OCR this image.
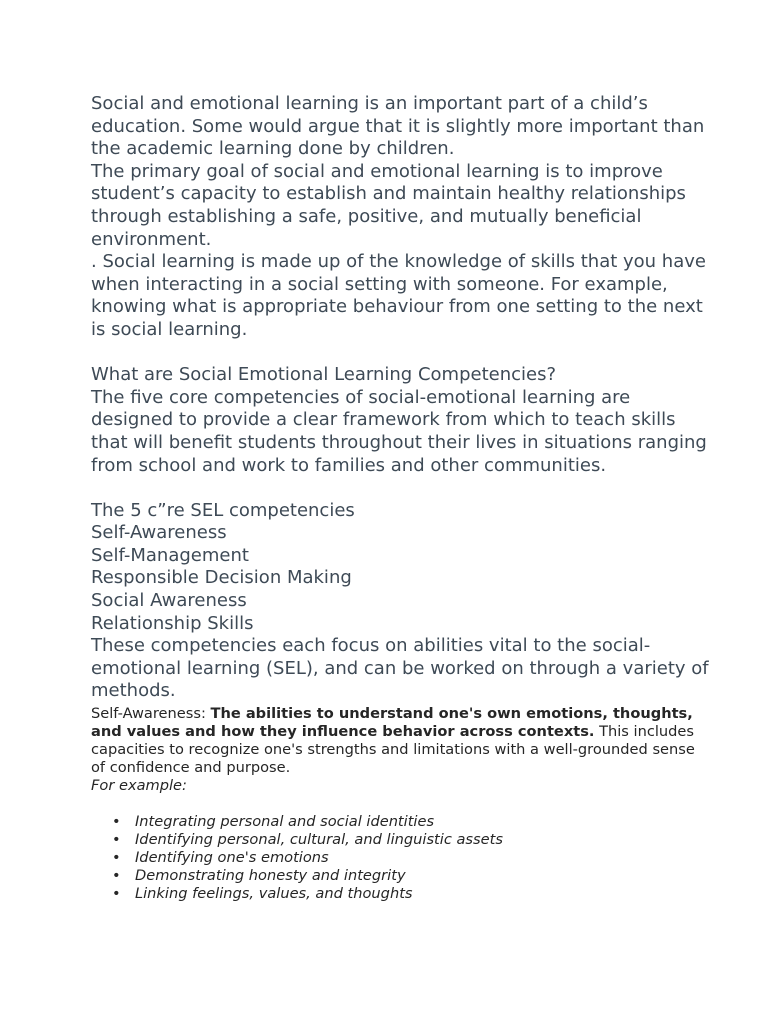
Social and emotional learning is an important part of a child’s education. Some would argue that it is slightly more important than the academic learning done by children.

The primary goal of social and emotional learning is to improve student’s capacity to establish and maintain healthy relationships through establishing a safe, positive, and mutually beneficial environment.

. Social learning is made up of the knowledge of skills that you have when interacting in a social setting with someone. For example, knowing what is appropriate behaviour from one setting to the next is social learning.

What are Social Emotional Learning Competencies?

The five core competencies of social-emotional learning are designed to provide a clear framework from which to teach skills that will benefit students throughout their lives in situations ranging from school and work to families and other communities.

The 5 c”re SEL competencies

Self-Awareness

Self-Management

Responsible Decision Making

Social Awareness

Relationship Skills

These competencies each focus on abilities vital to the social-emotional learning (SEL), and can be worked on through a variety of methods.

Self-Awareness: The abilities to understand one's own emotions, thoughts, and values and how they influence behavior across contexts. This includes capacities to recognize one's strengths and limitations with a well-grounded sense of confidence and purpose.

For example:

• Integrating personal and social identities
• Identifying personal, cultural, and linguistic assets
• Identifying one's emotions
• Demonstrating honesty and integrity
• Linking feelings, values, and thoughts
